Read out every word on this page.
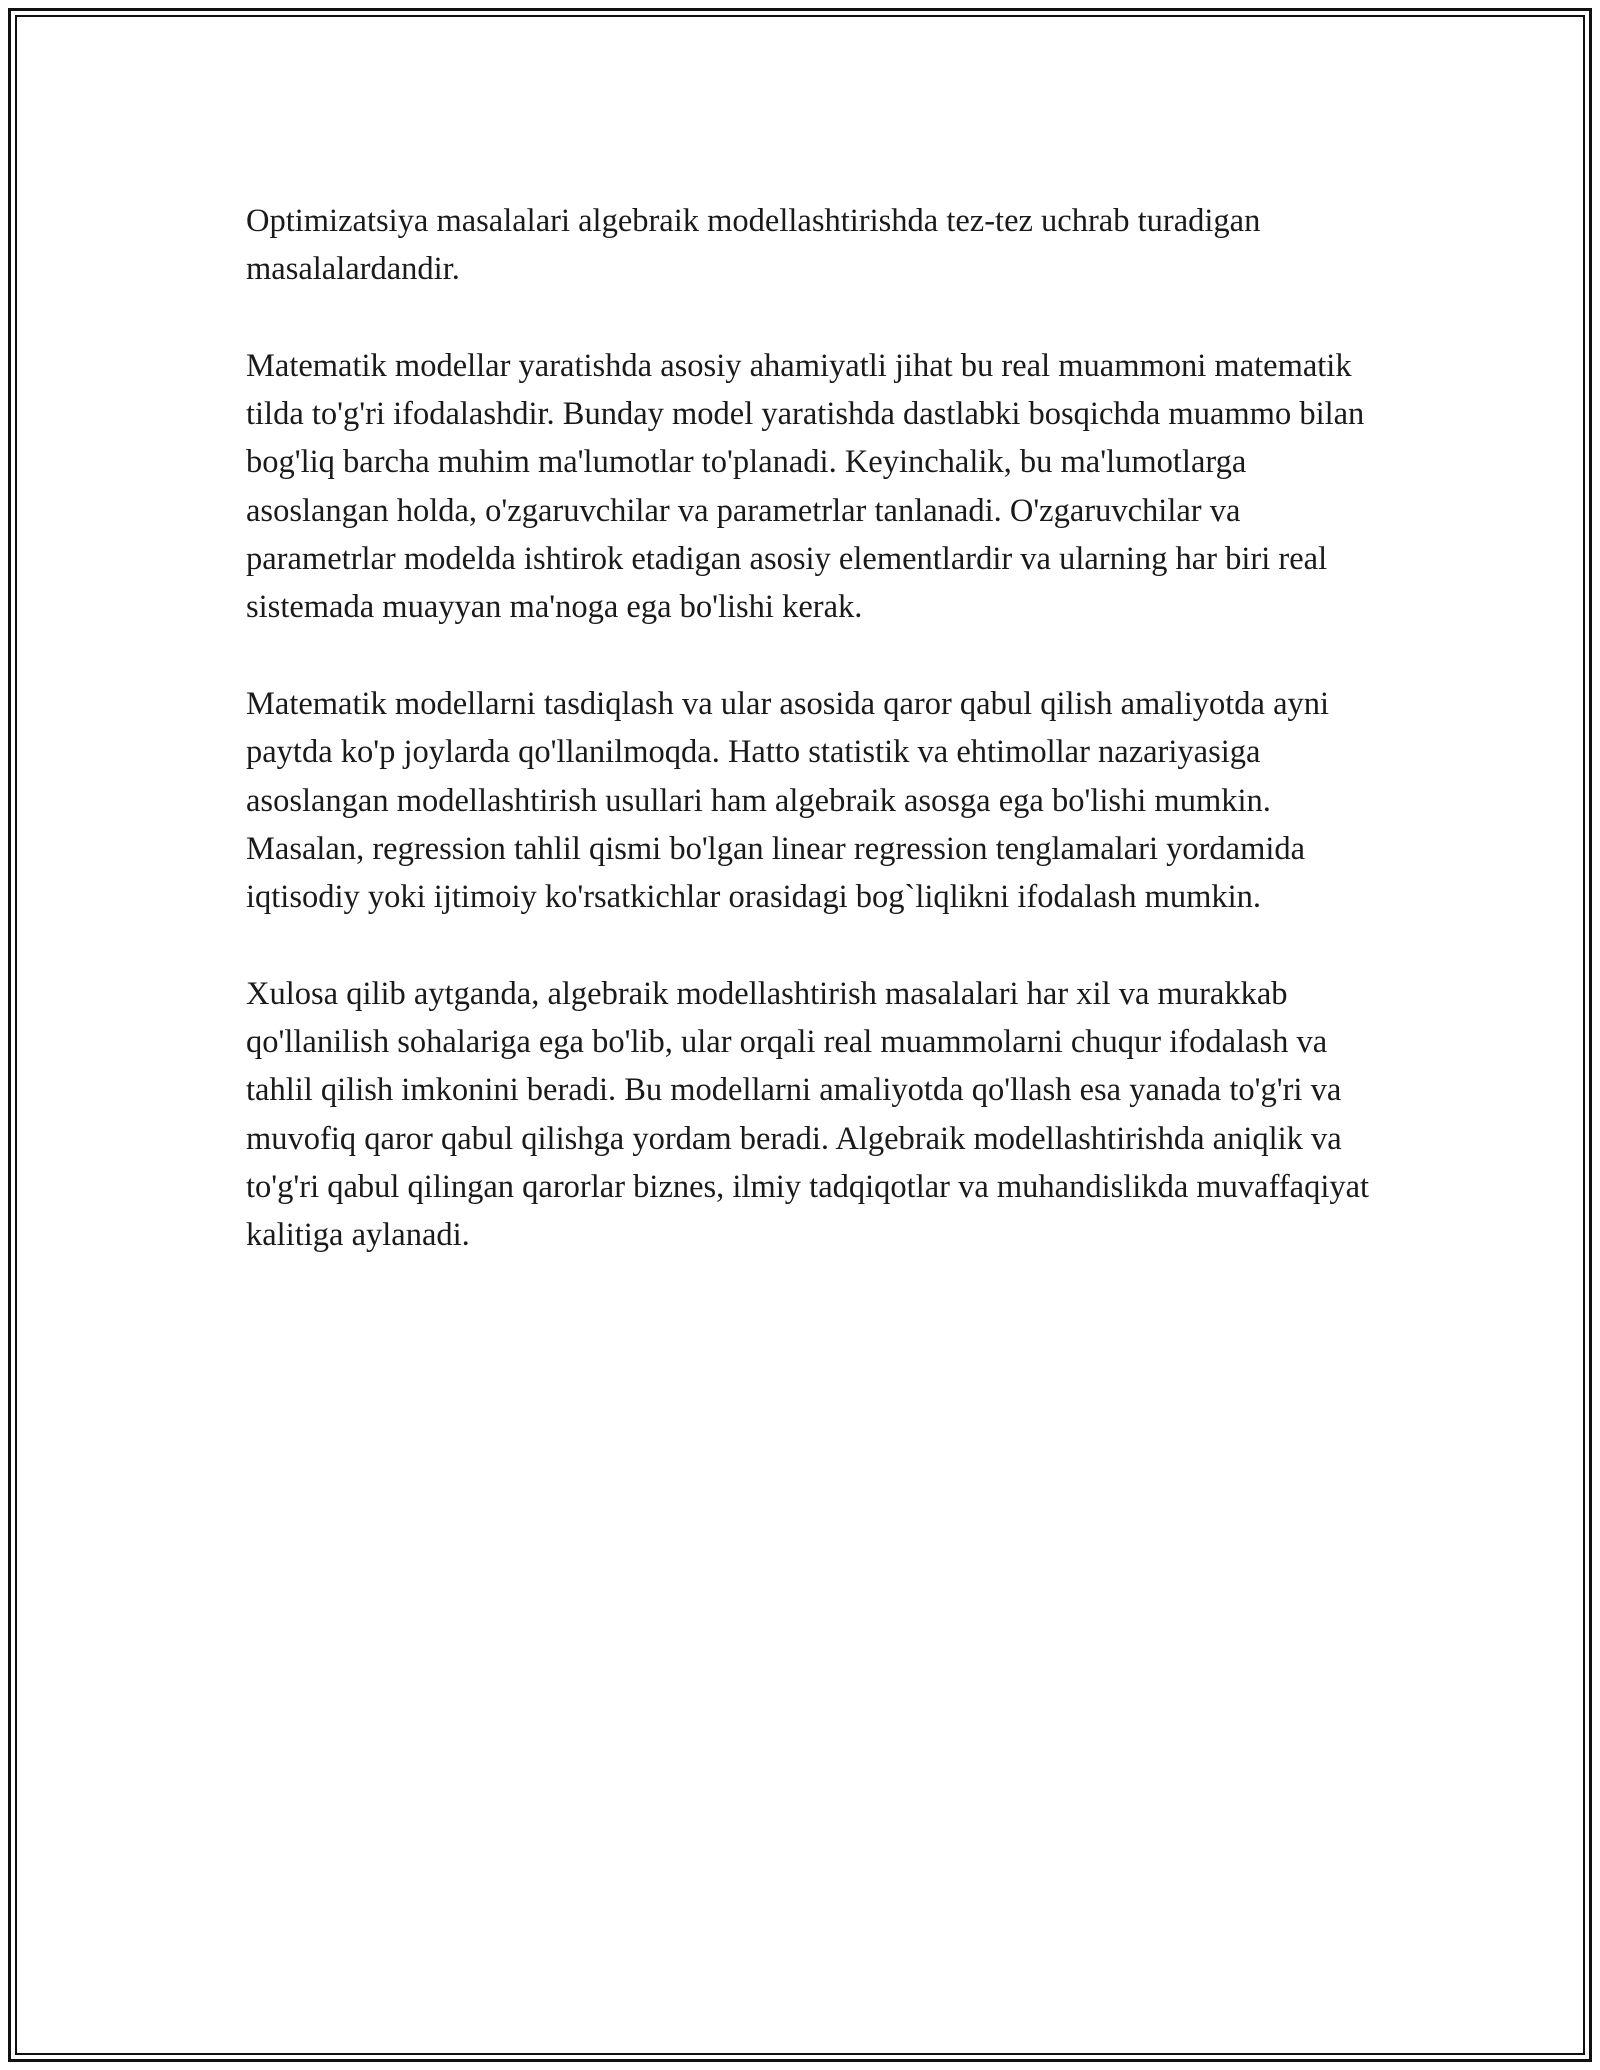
Optimizatsiya masalalari algebraik modellashtirishda tez-tez uchrab turadigan masalalardandir.

Matematik modellar yaratishda asosiy ahamiyatli jihat bu real muammoni matematik tilda to'g'ri ifodalashdir. Bunday model yaratishda dastlabki bosqichda muammo bilan bog'liq barcha muhim ma'lumotlar to'planadi. Keyinchalik, bu ma'lumotlarga asoslangan holda, o'zgaruvchilar va parametrlar tanlanadi. O'zgaruvchilar va parametrlar modelda ishtirok etadigan asosiy elementlardir va ularning har biri real sistemada muayyan ma'noga ega bo'lishi kerak.

Matematik modellarni tasdiqlash va ular asosida qaror qabul qilish amaliyotda ayni paytda ko'p joylarda qo'llanilmoqda. Hatto statistik va ehtimollar nazariyasiga asoslangan modellashtirish usullari ham algebraik asosga ega bo'lishi mumkin. Masalan, regression tahlil qismi bo'lgan linear regression tenglamalari yordamida iqtisodiy yoki ijtimoiy ko'rsatkichlar orasidagi bog`liqlikni ifodalash mumkin.

Xulosa qilib aytganda, algebraik modellashtirish masalalari har xil va murakkab qo'llanilish sohalariga ega bo'lib, ular orqali real muammolarni chuqur ifodalash va tahlil qilish imkonini beradi. Bu modellarni amaliyotda qo'llash esa yanada to'g'ri va muvofiq qaror qabul qilishga yordam beradi. Algebraik modellashtirishda aniqlik va to'g'ri qabul qilingan qarorlar biznes, ilmiy tadqiqotlar va muhandislikda muvaffaqiyat kalitiga aylanadi.
